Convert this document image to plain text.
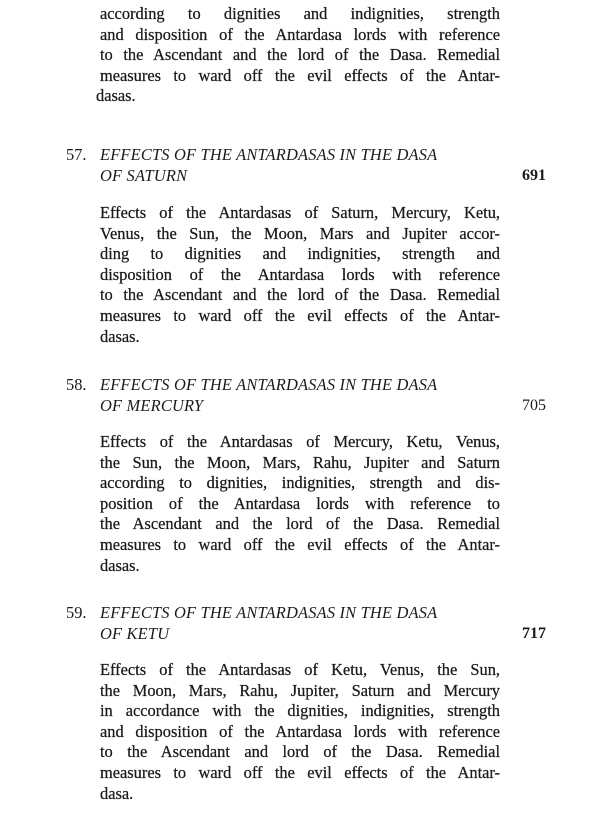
according to dignities and indignities, strength
and disposition of the Antardasa lords with reference
to the Ascendant and the lord of the Dasa. Remedial
measures to ward off the evil effects of the Antar-
dasas.
57. EFFECTS OF THE ANTARDASAS IN THE DASA
OF SATURN	691
Effects of the Antardasas of Saturn, Mercury, Ketu,
Venus, the Sun, the Moon, Mars and Jupiter accor-
ding to dignities and indignities, strength and
disposition of the Antardasa lords with reference
to the Ascendant and the lord of the Dasa. Remedial
measures to ward off the evil effects of the Antar-
dasas.
58. EFFECTS OF THE ANTARDASAS IN THE DASA
OF MERCURY	705
Effects of the Antardasas of Mercury, Ketu, Venus,
the Sun, the Moon, Mars, Rahu, Jupiter and Saturn
according to dignities, indignities, strength and dis-
position of the Antardasa lords with reference to
the Ascendant and the lord of the Dasa. Remedial
measures to ward off the evil effects of the Antar-
dasas.
59. EFFECTS OF THE ANTARDASAS IN THE DASA
OF KETU	717
Effects of the Antardasas of Ketu, Venus, the Sun,
the Moon, Mars, Rahu, Jupiter, Saturn and Mercury
in accordance with the dignities, indignities, strength
and disposition of the Antardasa lords with reference
to the Ascendant and lord of the Dasa. Remedial
measures to ward off the evil effects of the Antar-
dasa.
